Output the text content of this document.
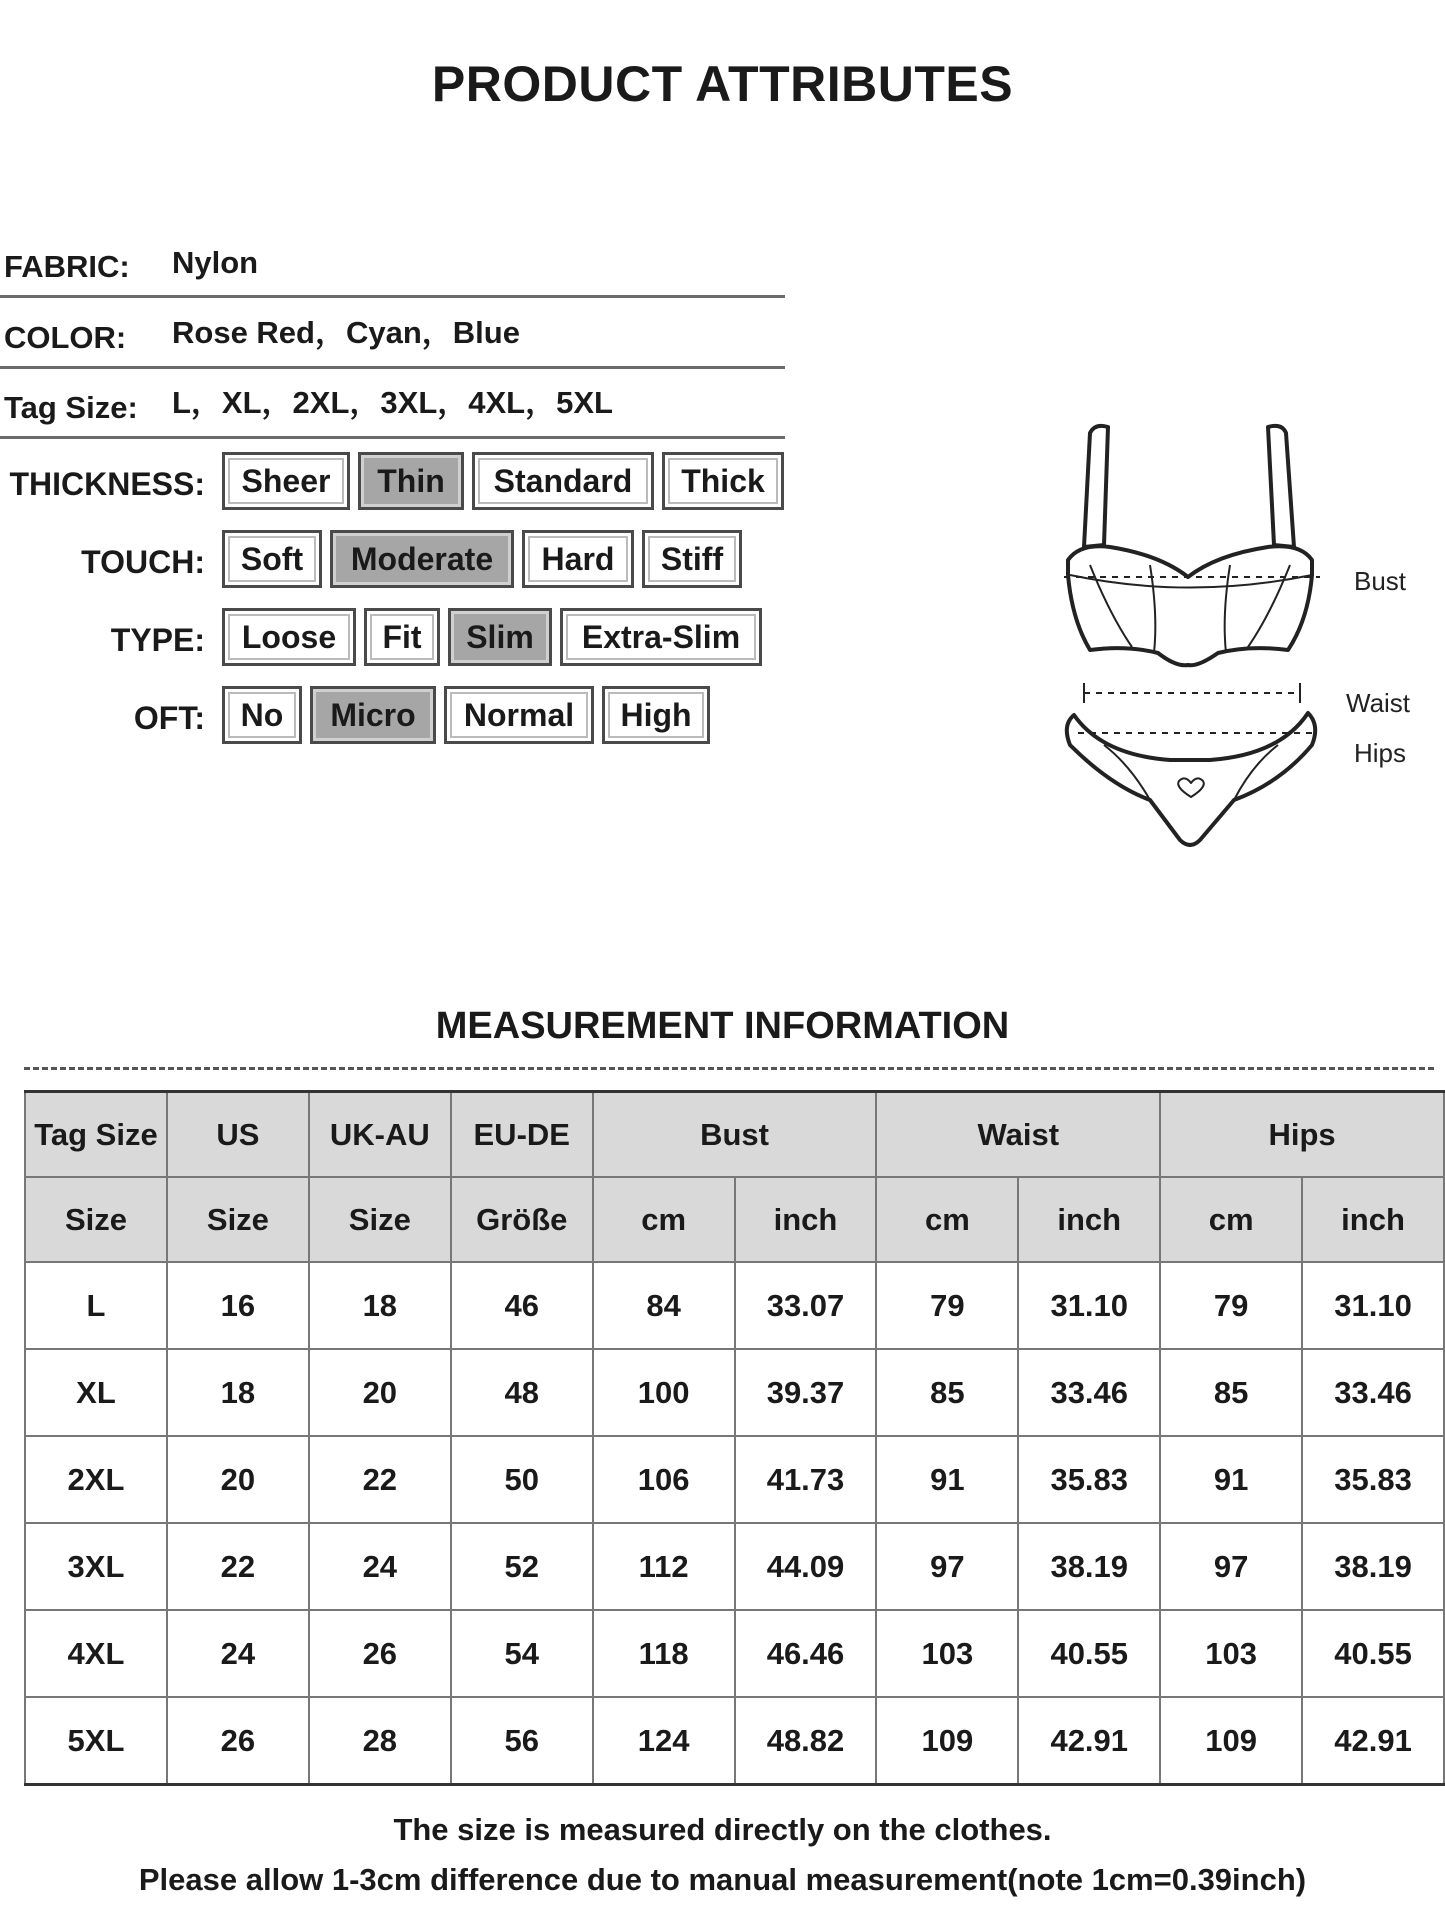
PRODUCT ATTRIBUTES
FABRIC: Nylon
COLOR: Rose Red，Cyan，Blue
Tag Size: L，XL，2XL，3XL，4XL，5XL
THICKNESS:	Sheer	Thin	Standard	Thick
TOUCH:	Soft	Moderate	Hard	Stiff
TYPE:	Loose	Fit	Slim	Extra-Slim
OFT:	No	Micro	Normal	High
Bust
Waist
Hips
MEASUREMENT INFORMATION
Tag Size	US	UK-AU	EU-DE	Bust		Waist		Hips	
Size	Size	Size	Größe	cm	inch	cm	inch	cm	inch
L	16	18	46	84	33.07	79	31.10	79	31.10
XL	18	20	48	100	39.37	85	33.46	85	33.46
2XL	20	22	50	106	41.73	91	35.83	91	35.83
3XL	22	24	52	112	44.09	97	38.19	97	38.19
4XL	24	26	54	118	46.46	103	40.55	103	40.55
5XL	26	28	56	124	48.82	109	42.91	109	42.91
The size is measured directly on the clothes.
Please allow 1-3cm difference due to manual measurement(note 1cm=0.39inch)
